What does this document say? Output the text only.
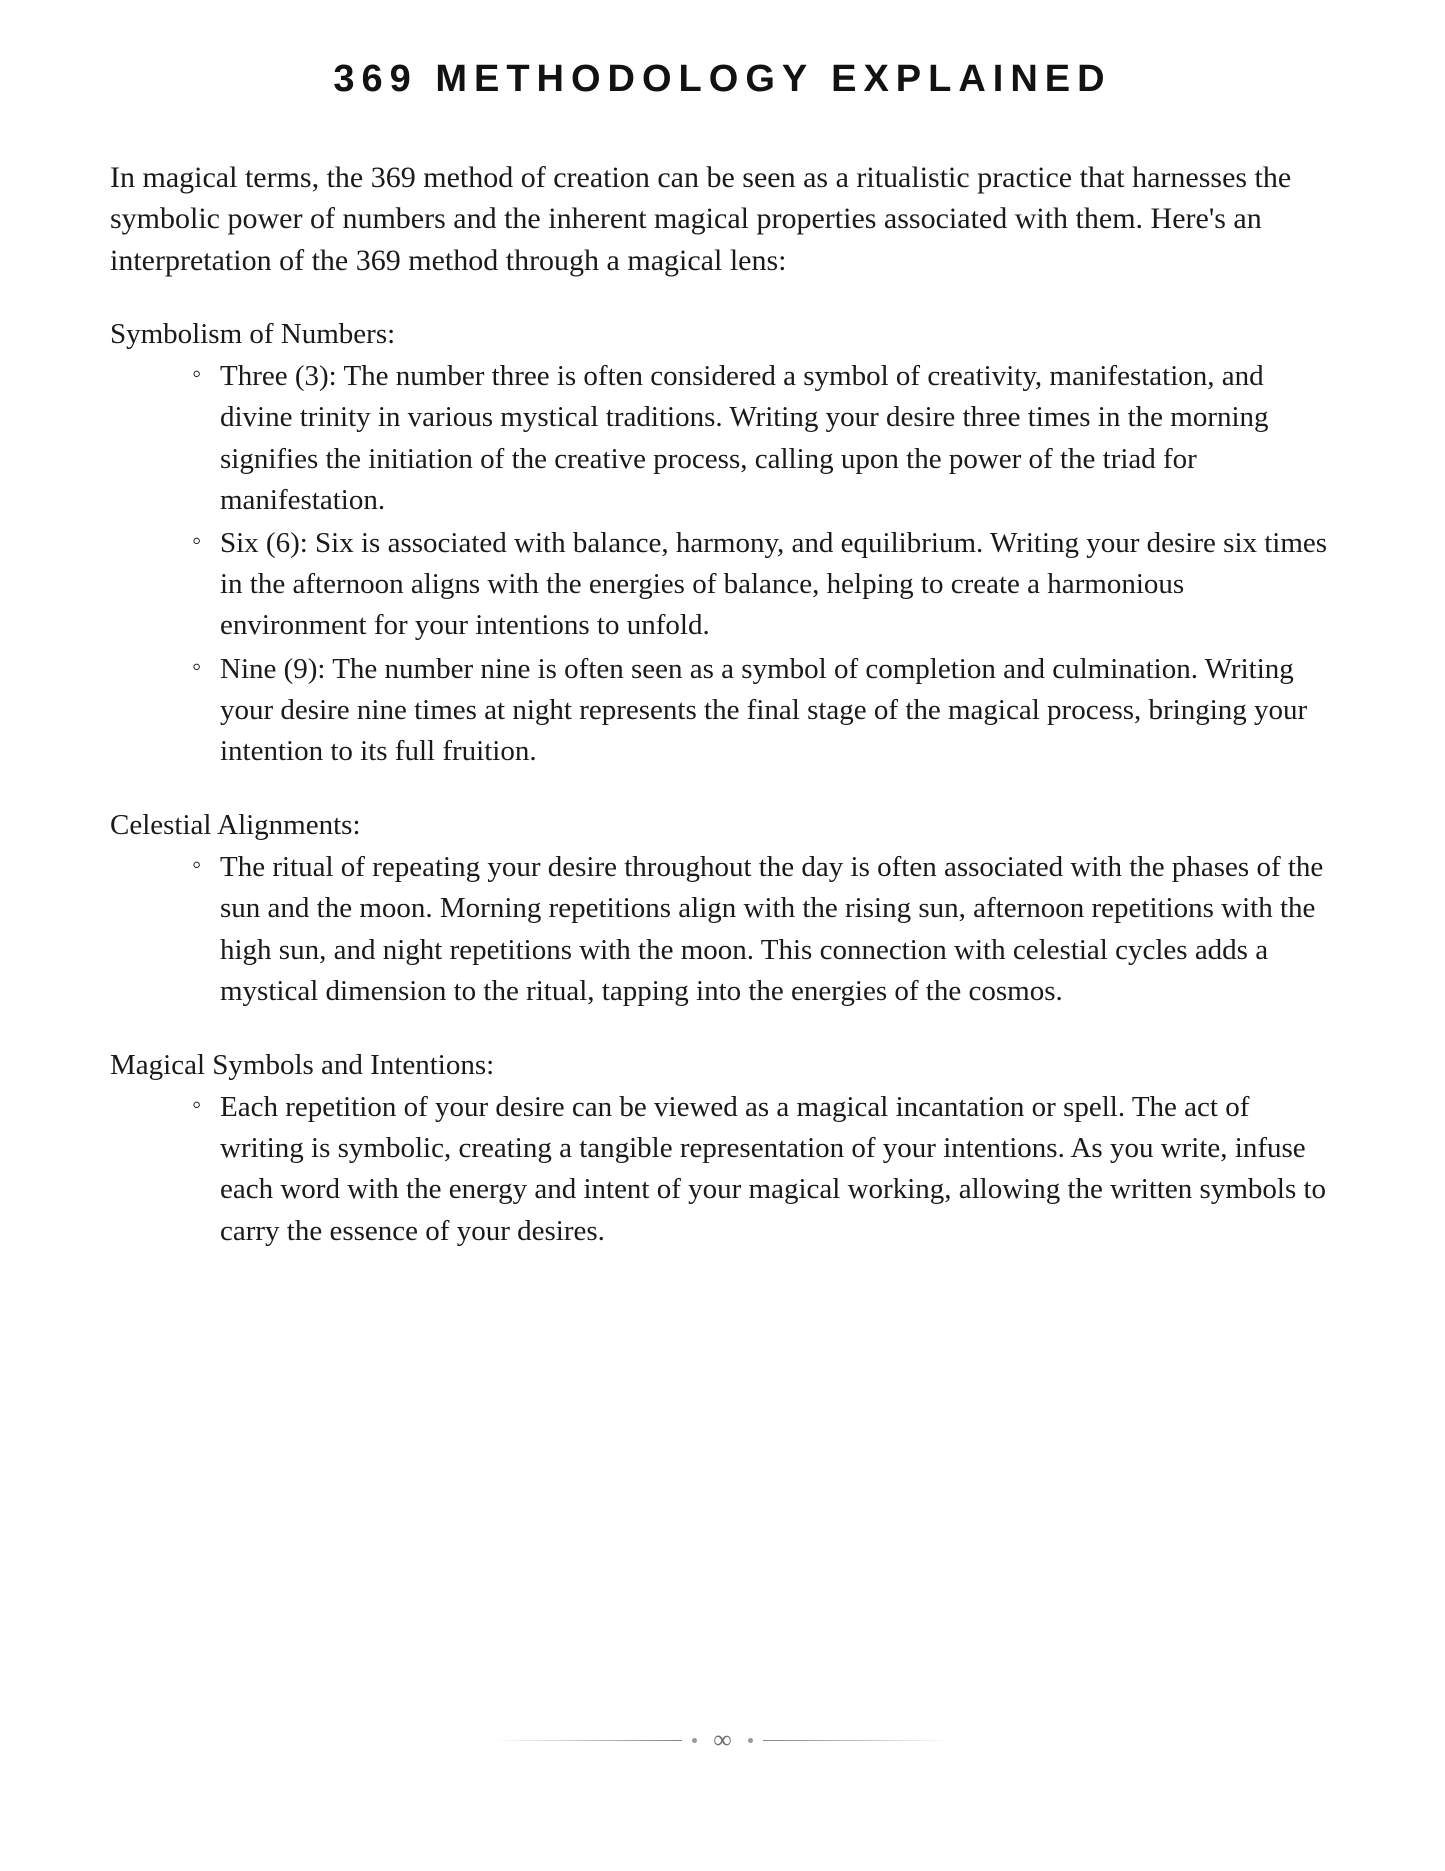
369 METHODOLOGY EXPLAINED

In magical terms, the 369 method of creation can be seen as a ritualistic practice that harnesses the symbolic power of numbers and the inherent magical properties associated with them. Here's an interpretation of the 369 method through a magical lens:

Symbolism of Numbers:

◦ Three (3): The number three is often considered a symbol of creativity, manifestation, and divine trinity in various mystical traditions. Writing your desire three times in the morning signifies the initiation of the creative process, calling upon the power of the triad for manifestation.
◦ Six (6): Six is associated with balance, harmony, and equilibrium. Writing your desire six times in the afternoon aligns with the energies of balance, helping to create a harmonious environment for your intentions to unfold.
◦ Nine (9): The number nine is often seen as a symbol of completion and culmination. Writing your desire nine times at night represents the final stage of the magical process, bringing your intention to its full fruition.

Celestial Alignments:

◦ The ritual of repeating your desire throughout the day is often associated with the phases of the sun and the moon. Morning repetitions align with the rising sun, afternoon repetitions with the high sun, and night repetitions with the moon. This connection with celestial cycles adds a mystical dimension to the ritual, tapping into the energies of the cosmos.

Magical Symbols and Intentions:

◦ Each repetition of your desire can be viewed as a magical incantation or spell. The act of writing is symbolic, creating a tangible representation of your intentions. As you write, infuse each word with the energy and intent of your magical working, allowing the written symbols to carry the essence of your desires.
∞
